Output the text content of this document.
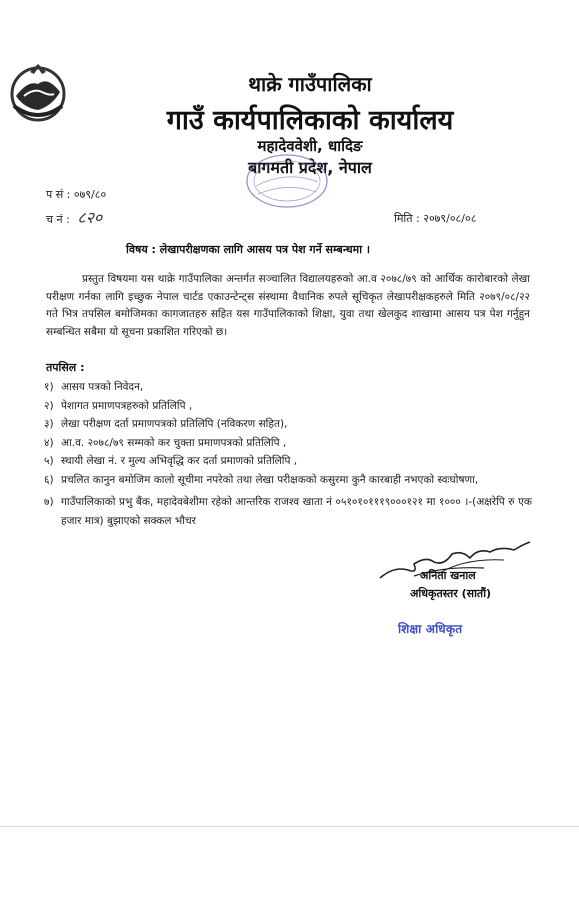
थाक्रे गाउँपालिका
गाउँ कार्यपालिकाको कार्यालय
महादेववेशी, धादिङ
बागमती प्रदेश, नेपाल
प सं : ०७९/८०
च नं : ८२०	मिति : २०७९/०८/०८
विषय : लेखापरीक्षणका लागि आसय पत्र पेश गर्ने सम्बन्धमा ।
प्रस्तुत विषयमा यस थाक्रे गाउँपालिका अन्तर्गत सञ्चालित विद्यालयहरुको आ.व २०७८/७९ को आर्थिक कारोबारको लेखा परीक्षण गर्नका लागि इच्छुक नेपाल चार्टड एकाउन्टेन्ट्स संस्थामा वैधानिक रुपले सूचिकृत लेखापरीक्षकहरुले मिति २०७९/०८/२२ गते भित्र तपसिल बमोजिमका कागजातहरु सहित यस गाउँपालिकाको शिक्षा, युवा तथा खेलकुद शाखामा आसय पत्र पेश गर्नुहुन सम्बन्धित सबैमा यो सूचना प्रकाशित गरिएको छ।
तपसिल :
१) आसय पत्रको निवेदन,
२) पेशागत प्रमाणपत्रहरुको प्रतिलिपि ,
३) लेखा परीक्षण दर्ता प्रमाणपत्रको प्रतिलिपि (नविकरण सहित),
४) आ.व. २०७८/७९ सम्मको कर चुक्ता प्रमाणपत्रको प्रतिलिपि ,
५) स्थायी लेखा नं. र मुल्य अभिवृद्धि कर दर्ता प्रमाणको प्रतिलिपि ,
६) प्रचलित कानुन बमोजिम कालो सूचीमा नपरेको तथा लेखा परीक्षकको कसुरमा कुनै कारबाही नभएको स्वःघोषणा,
७) गाउँपालिकाको प्रभु बैंक, महादेवबेशीमा रहेको आन्तरिक राजश्व खाता नं ०५१०१०१११९०००१२१ मा १००० ।-(अक्षरेपि रु एक हजार मात्र) बुझाएको सक्कल भौचर
अनिता खनाल
अधिकृतस्तर (सातौं)
शिक्षा अधिकृत
